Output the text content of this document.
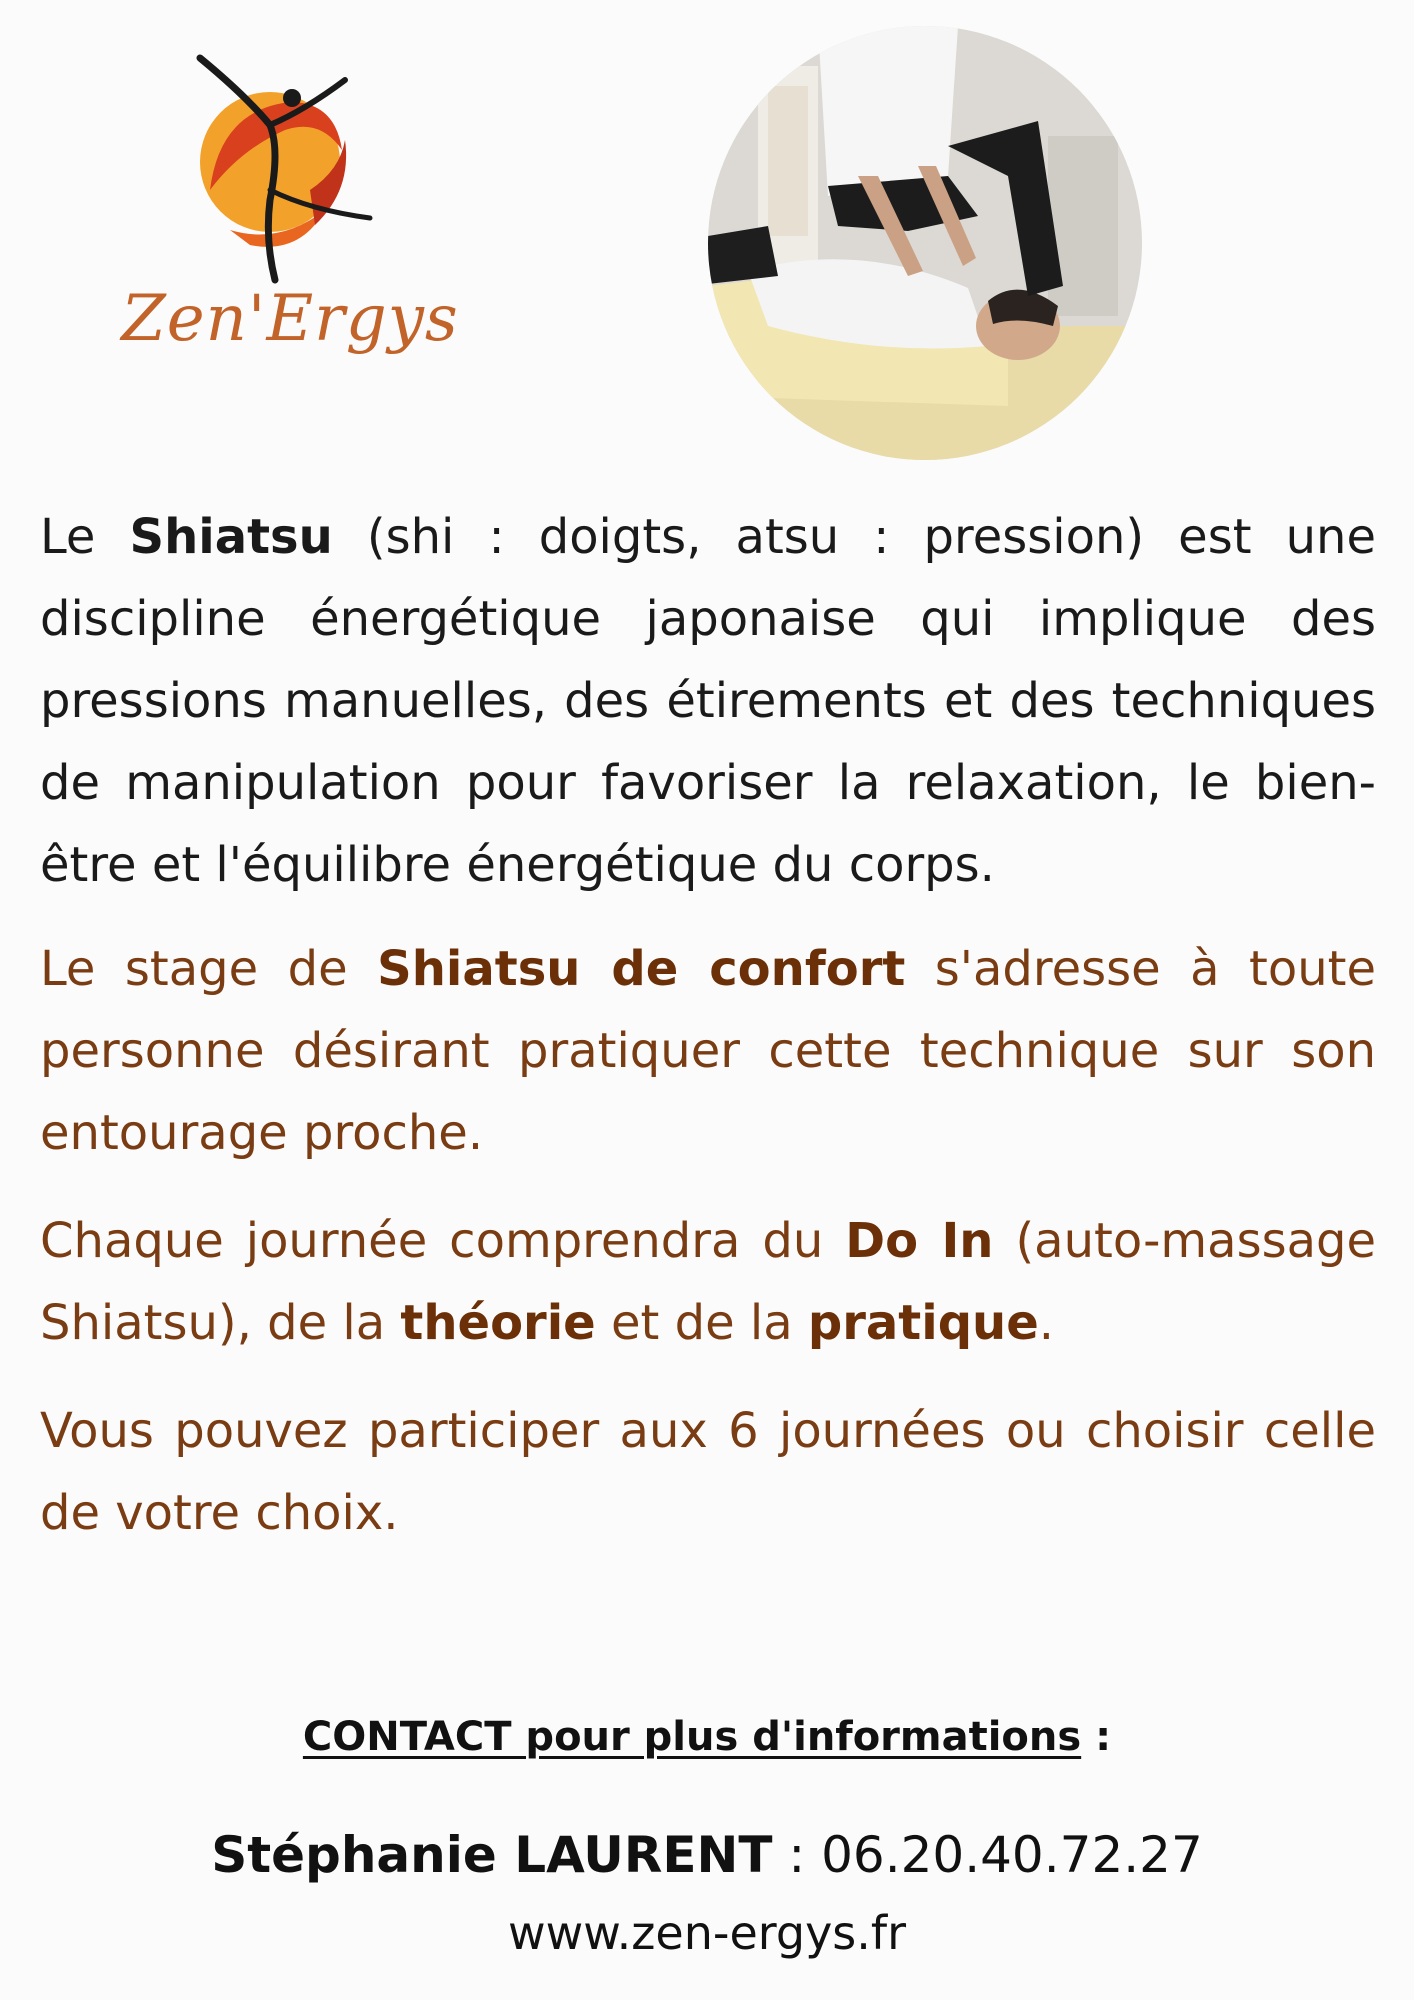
Zen'Ergys

Le Shiatsu (shi : doigts, atsu : pression) est une discipline énergétique japonaise qui implique des pressions manuelles, des étirements et des techniques de manipulation pour favoriser la relaxation, le bien-être et l'équilibre énergétique du corps.

Le stage de Shiatsu de confort s'adresse à toute personne désirant pratiquer cette technique sur son entourage proche.

Chaque journée comprendra du Do In (auto-massage Shiatsu), de la théorie et de la pratique.

Vous pouvez participer aux 6 journées ou choisir celle de votre choix.

CONTACT pour plus d'informations :
Stéphanie LAURENT : 06.20.40.72.27
www.zen-ergys.fr
